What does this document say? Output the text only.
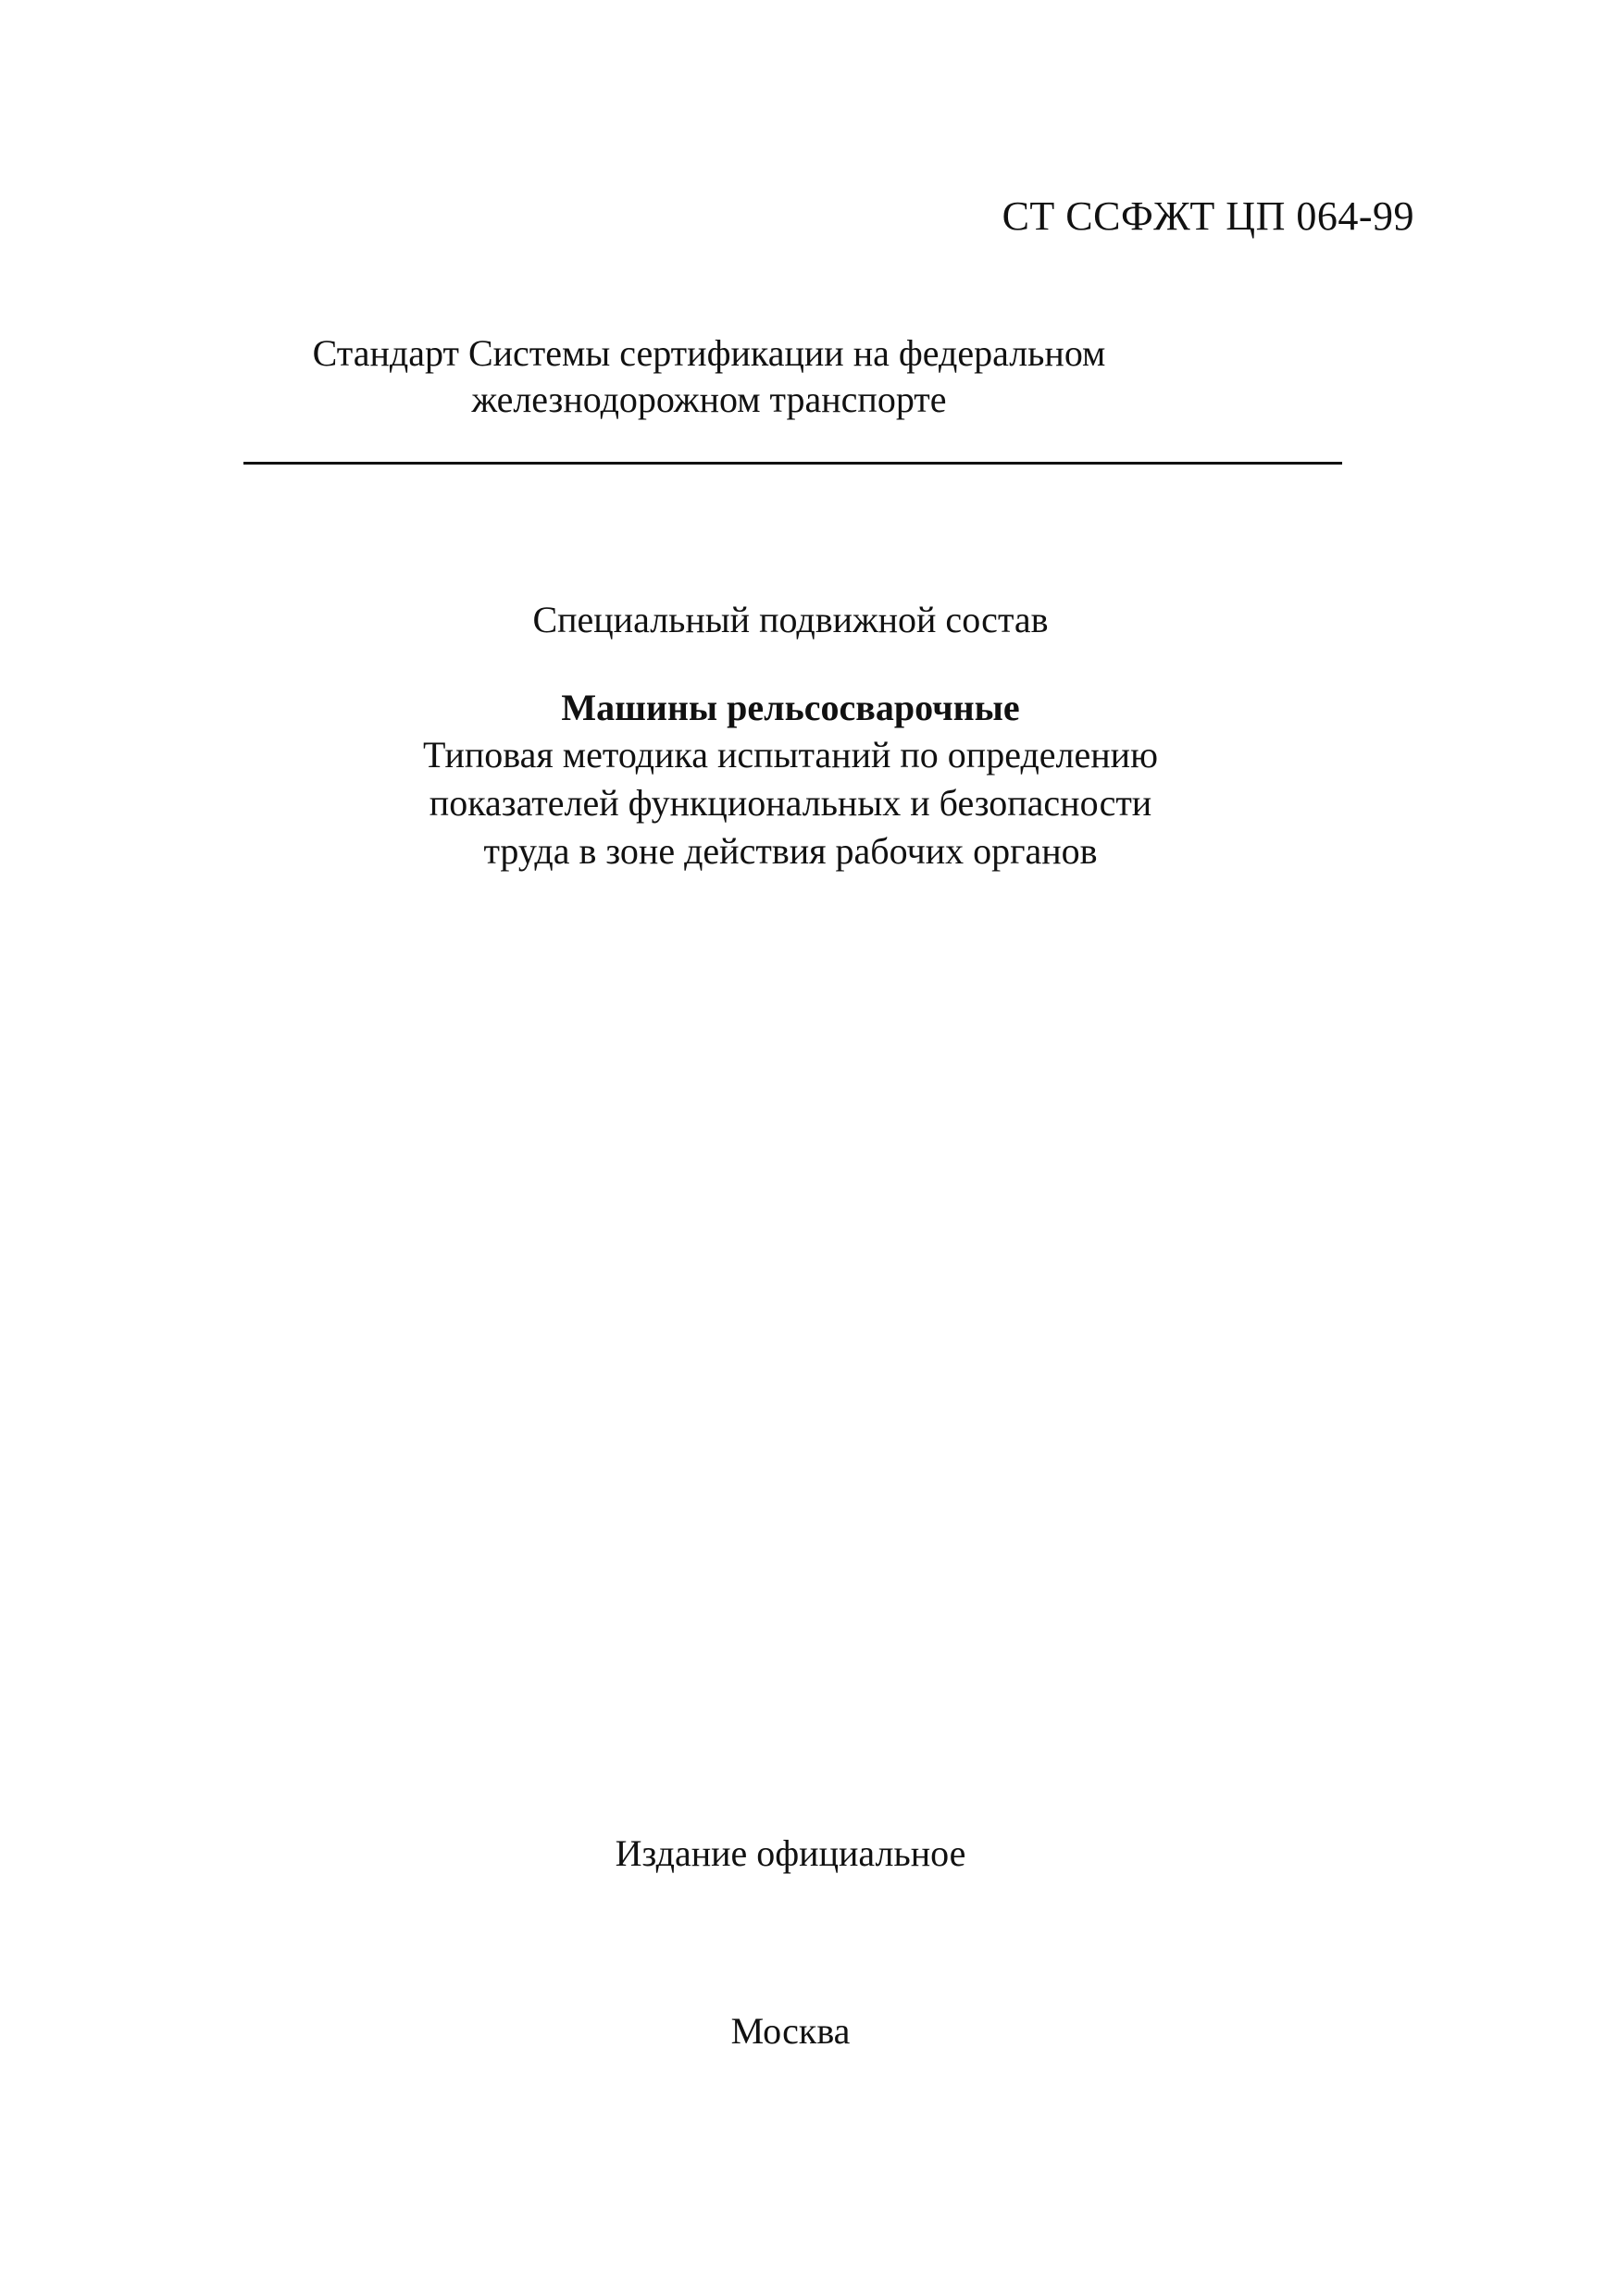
СТ ССФЖТ ЦП 064-99
Стандарт Системы сертификации на федеральном
железнодорожном транспорте
Специальный подвижной состав
Машины рельсосварочные
Типовая методика испытаний по определению
показателей функциональных и безопасности
труда в зоне действия рабочих органов
Издание официальное
Москва
